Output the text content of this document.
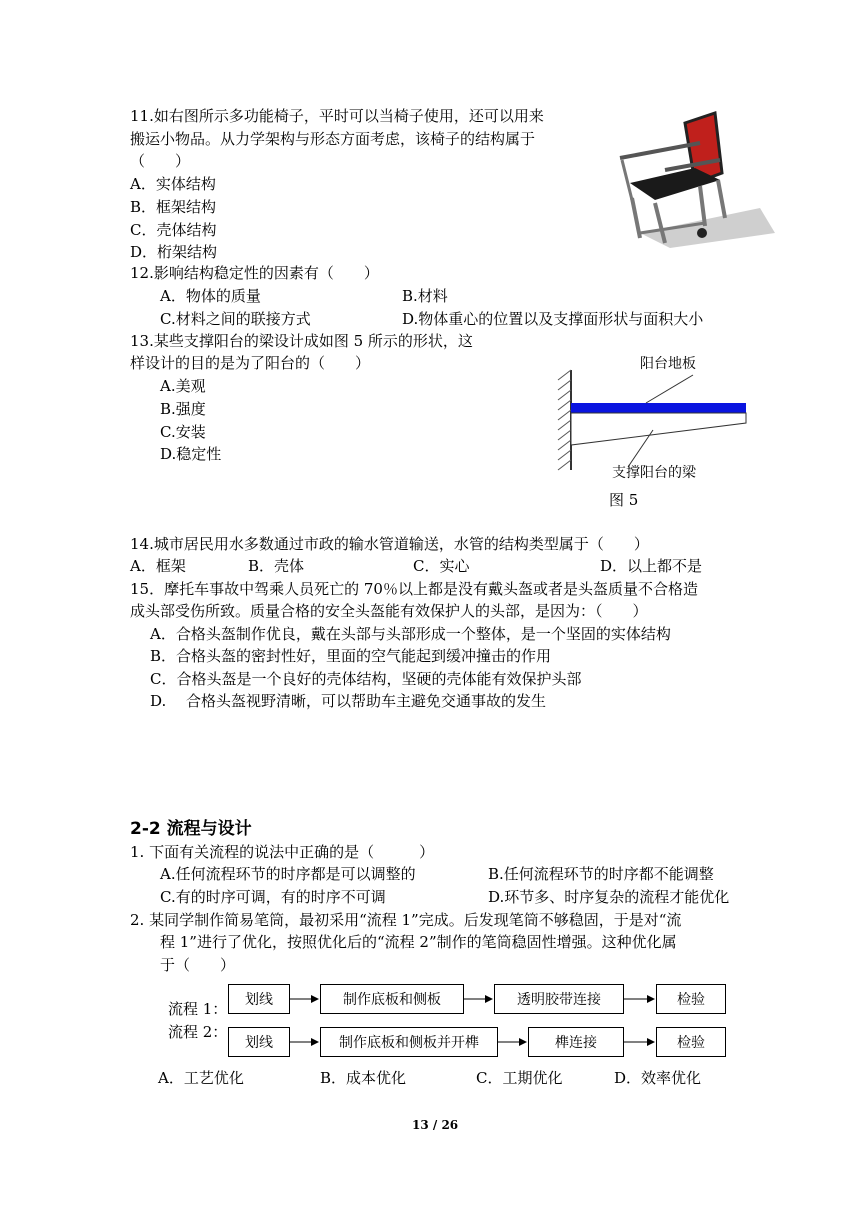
11.如右图所示多功能椅子，平时可以当椅子使用，还可以用来
搬运小物品。从力学架构与形态方面考虑，该椅子的结构属于
（　　）
A．实体结构
B．框架结构
C．壳体结构
D．桁架结构
12.影响结构稳定性的因素有（　　）
A．物体的质量	B.材料
C.材料之间的联接方式	D.物体重心的位置以及支撑面形状与面积大小
13.某些支撑阳台的梁设计成如图 5 所示的形状，这
样设计的目的是为了阳台的（　　）
A.美观
B.强度
C.安装
D.稳定性
阳台地板
支撑阳台的梁
图 5
14.城市居民用水多数通过市政的输水管道输送，水管的结构类型属于（　　）
A．框架	B．壳体	C．实心	D．以上都不是
15．摩托车事故中驾乘人员死亡的 70％以上都是没有戴头盔或者是头盔质量不合格造
成头部受伤所致。质量合格的安全头盔能有效保护人的头部，是因为：（　　）
A．合格头盔制作优良，戴在头部与头部形成一个整体，是一个坚固的实体结构
B．合格头盔的密封性好，里面的空气能起到缓冲撞击的作用
C．合格头盔是一个良好的壳体结构，坚硬的壳体能有效保护头部
D.　 合格头盔视野清晰，可以帮助车主避免交通事故的发生
2-2 流程与设计
1. 下面有关流程的说法中正确的是（　　　）
A.任何流程环节的时序都是可以调整的	B.任何流程环节的时序都不能调整
C.有的时序可调，有的时序不可调	D.环节多、时序复杂的流程才能优化
2. 某同学制作简易笔筒，最初采用“流程 1”完成。后发现笔筒不够稳固，于是对“流
程 1”进行了优化，按照优化后的“流程 2”制作的笔筒稳固性增强。这种优化属
于（　　）
流程 1：
流程 2：
划线	制作底板和侧板	透明胶带连接	检验
划线	制作底板和侧板并开榫	榫连接	检验
A．工艺优化	B．成本优化	C．工期优化	D．效率优化
13 / 26
